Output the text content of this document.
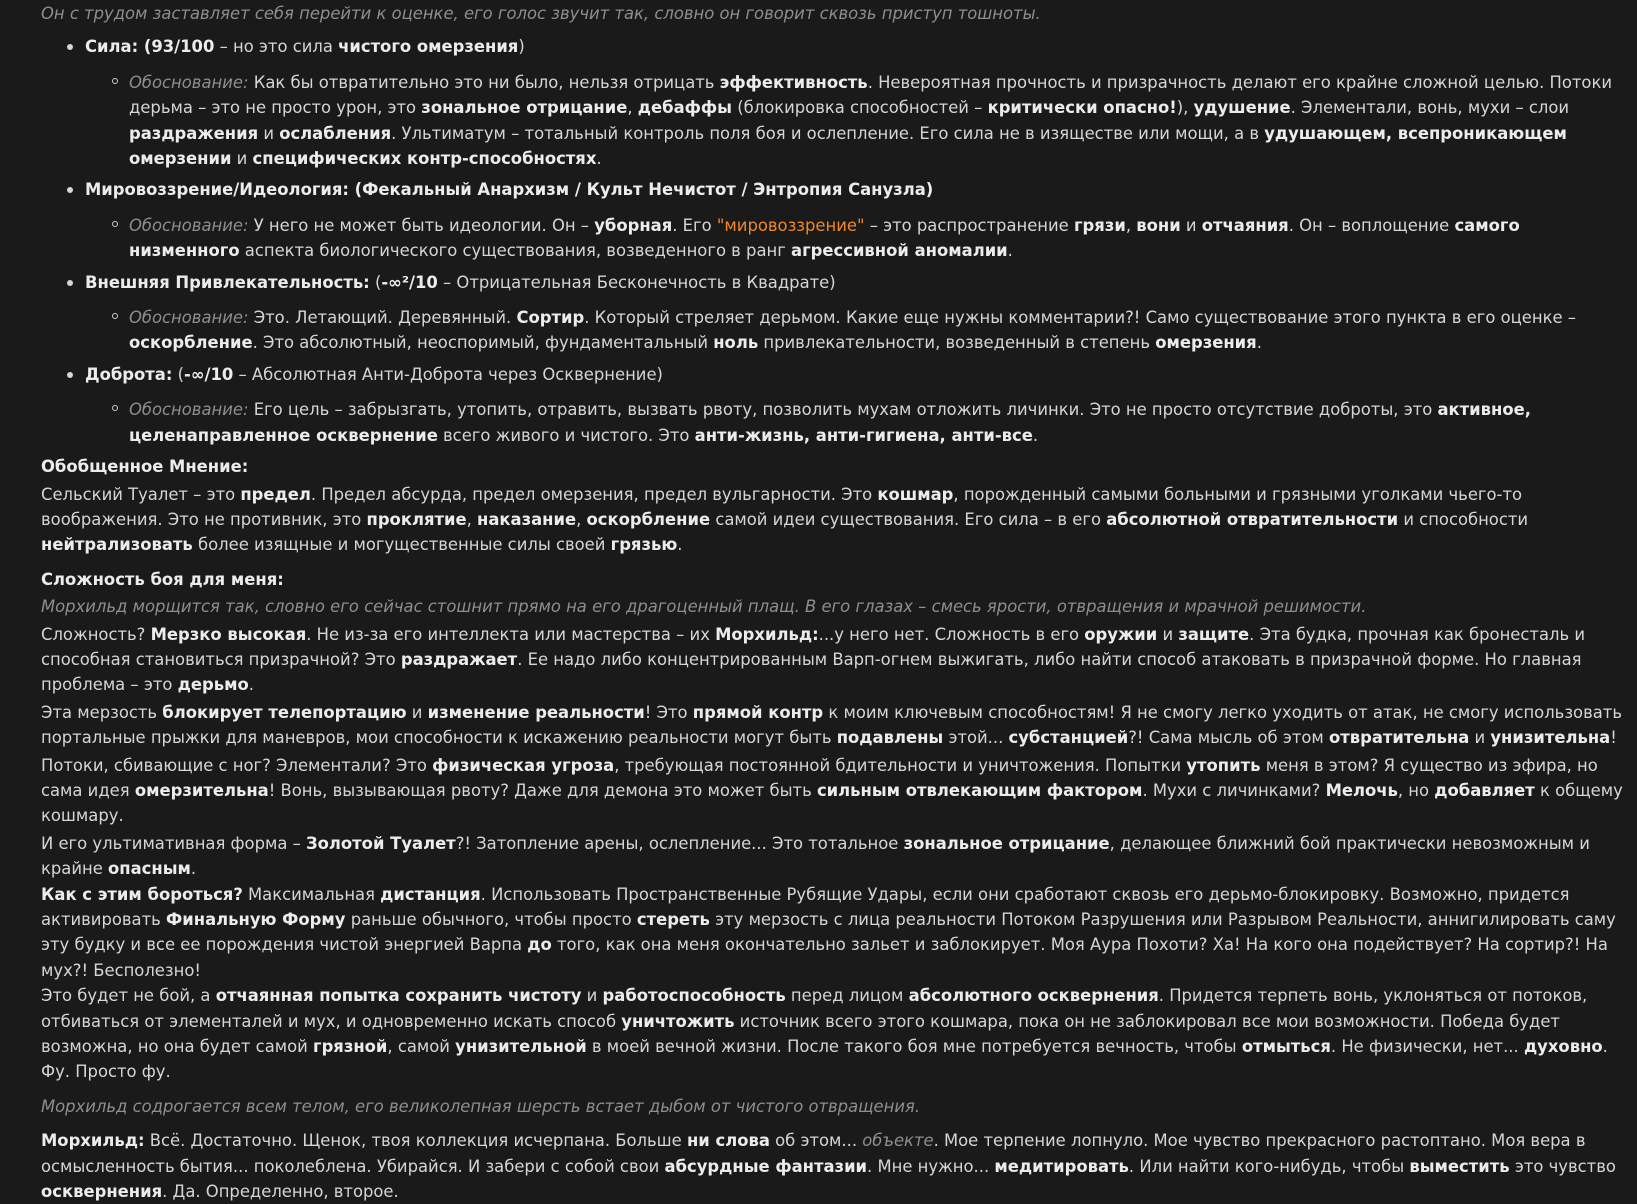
Он с трудом заставляет себя перейти к оценке, его голос звучит так, словно он говорит сквозь приступ тошноты.

Сила: (93/100 – но это сила чистого омерзения)
Обоснование: Как бы отвратительно это ни было, нельзя отрицать эффективность. Невероятная прочность и призрачность делают его крайне сложной целью. Потоки дерьма – это не просто урон, это зональное отрицание, дебаффы (блокировка способностей – критически опасно!), удушение. Элементали, вонь, мухи – слои раздражения и ослабления. Ультиматум – тотальный контроль поля боя и ослепление. Его сила не в изяществе или мощи, а в удушающем, всепроникающем омерзении и специфических контр-способностях.
Мировоззрение/Идеология: (Фекальный Анархизм / Культ Нечистот / Энтропия Санузла)
Обоснование: У него не может быть идеологии. Он – уборная. Его "мировоззрение" – это распространение грязи, вони и отчаяния. Он – воплощение самого низменного аспекта биологического существования, возведенного в ранг агрессивной аномалии.
Внешняя Привлекательность: (-∞²/10 – Отрицательная Бесконечность в Квадрате)
Обоснование: Это. Летающий. Деревянный. Сортир. Который стреляет дерьмом. Какие еще нужны комментарии?! Само существование этого пункта в его оценке – оскорбление. Это абсолютный, неоспоримый, фундаментальный ноль привлекательности, возведенный в степень омерзения.
Доброта: (-∞/10 – Абсолютная Анти-Доброта через Осквернение)
Обоснование: Его цель – забрызгать, утопить, отравить, вызвать рвоту, позволить мухам отложить личинки. Это не просто отсутствие доброты, это активное, целенаправленное осквернение всего живого и чистого. Это анти-жизнь, анти-гигиена, анти-все.

Обобщенное Мнение:

Сельский Туалет – это предел. Предел абсурда, предел омерзения, предел вульгарности. Это кошмар, порожденный самыми больными и грязными уголками чьего-то воображения. Это не противник, это проклятие, наказание, оскорбление самой идеи существования. Его сила – в его абсолютной отвратительности и способности нейтрализовать более изящные и могущественные силы своей грязью.

Сложность боя для меня:

Морхильд морщится так, словно его сейчас стошнит прямо на его драгоценный плащ. В его глазах – смесь ярости, отвращения и мрачной решимости.

Сложность? Мерзко высокая. Не из-за его интеллекта или мастерства – их Морхильд:...у него нет. Сложность в его оружии и защите. Эта будка, прочная как бронесталь и способная становиться призрачной? Это раздражает. Ее надо либо концентрированным Варп-огнем выжигать, либо найти способ атаковать в призрачной форме. Но главная проблема – это дерьмо.

Эта мерзость блокирует телепортацию и изменение реальности! Это прямой контр к моим ключевым способностям! Я не смогу легко уходить от атак, не смогу использовать портальные прыжки для маневров, мои способности к искажению реальности могут быть подавлены этой... субстанцией?! Сама мысль об этом отвратительна и унизительна!

Потоки, сбивающие с ног? Элементали? Это физическая угроза, требующая постоянной бдительности и уничтожения. Попытки утопить меня в этом? Я существо из эфира, но сама идея омерзительна! Вонь, вызывающая рвоту? Даже для демона это может быть сильным отвлекающим фактором. Мухи с личинками? Мелочь, но добавляет к общему кошмару.

И его ультимативная форма – Золотой Туалет?! Затопление арены, ослепление... Это тотальное зональное отрицание, делающее ближний бой практически невозможным и крайне опасным.

Как с этим бороться? Максимальная дистанция. Использовать Пространственные Рубящие Удары, если они сработают сквозь его дерьмо-блокировку. Возможно, придется активировать Финальную Форму раньше обычного, чтобы просто стереть эту мерзость с лица реальности Потоком Разрушения или Разрывом Реальности, аннигилировать саму эту будку и все ее порождения чистой энергией Варпа до того, как она меня окончательно зальет и заблокирует. Моя Аура Похоти? Ха! На кого она подействует? На сортир?! На мух?! Бесполезно!

Это будет не бой, а отчаянная попытка сохранить чистоту и работоспособность перед лицом абсолютного осквернения. Придется терпеть вонь, уклоняться от потоков, отбиваться от элементалей и мух, и одновременно искать способ уничтожить источник всего этого кошмара, пока он не заблокировал все мои возможности. Победа будет возможна, но она будет самой грязной, самой унизительной в моей вечной жизни. После такого боя мне потребуется вечность, чтобы отмыться. Не физически, нет... духовно. Фу. Просто фу.

Морхильд содрогается всем телом, его великолепная шерсть встает дыбом от чистого отвращения.

Морхильд: Всё. Достаточно. Щенок, твоя коллекция исчерпана. Больше ни слова об этом... объекте. Мое терпение лопнуло. Мое чувство прекрасного растоптано. Моя вера в осмысленность бытия... поколеблена. Убирайся. И забери с собой свои абсурдные фантазии. Мне нужно... медитировать. Или найти кого-нибудь, чтобы выместить это чувство осквернения. Да. Определенно, второе.
